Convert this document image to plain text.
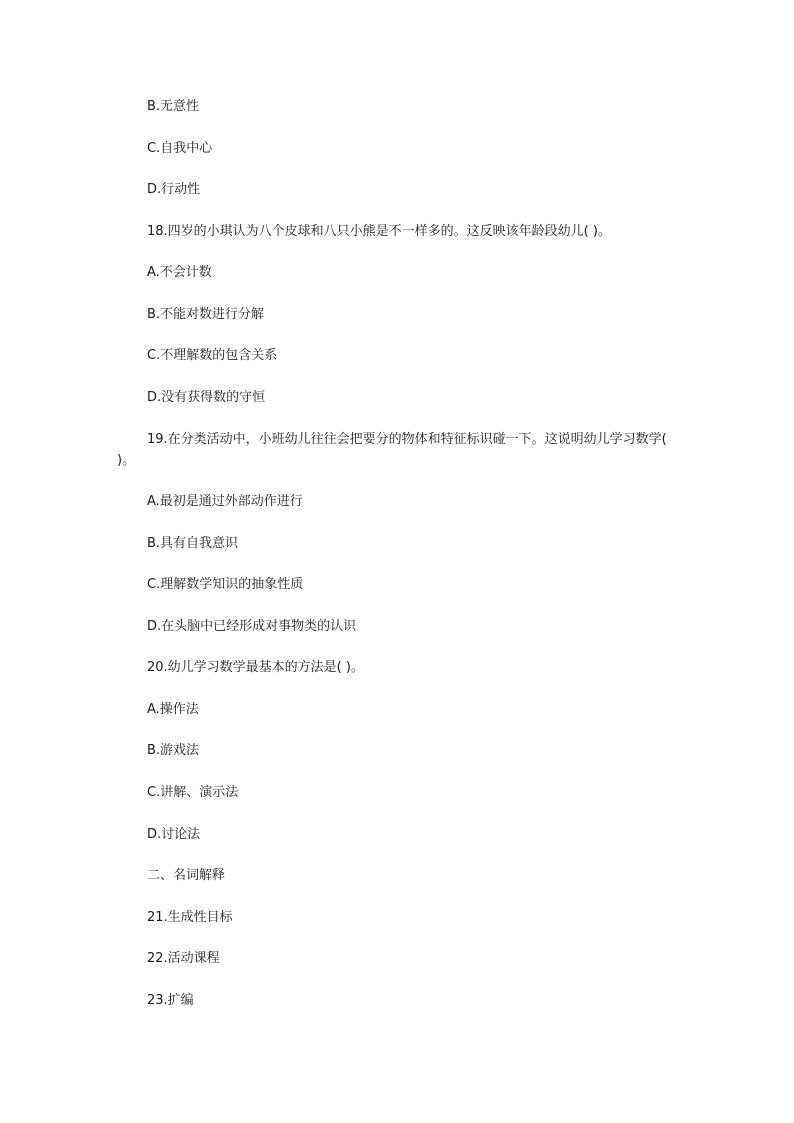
B.无意性
C.自我中心
D.行动性
18.四岁的小琪认为八个皮球和八只小熊是不一样多的。这反映该年龄段幼儿( )。
A.不会计数
B.不能对数进行分解
C.不理解数的包含关系
D.没有获得数的守恒
19.在分类活动中，小班幼儿往往会把要分的物体和特征标识碰一下。这说明幼儿学习数学( )。
A.最初是通过外部动作进行
B.具有自我意识
C.理解数学知识的抽象性质
D.在头脑中已经形成对事物类的认识
20.幼儿学习数学最基本的方法是( )。
A.操作法
B.游戏法
C.讲解、演示法
D.讨论法
二、名词解释
21.生成性目标
22.活动课程
23.扩编
